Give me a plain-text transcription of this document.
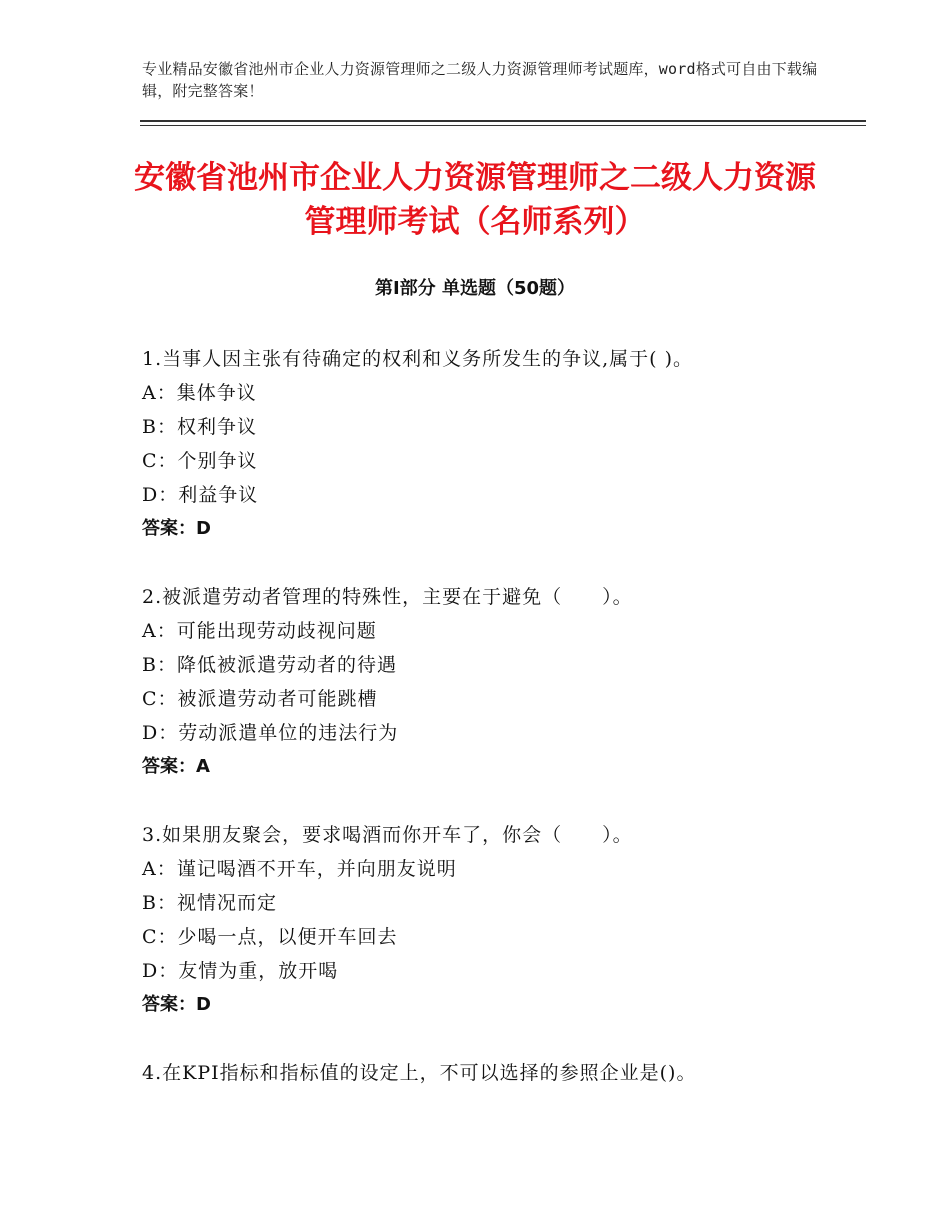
专业精品安徽省池州市企业人力资源管理师之二级人力资源管理师考试题库，word格式可自由下载编辑，附完整答案！
安徽省池州市企业人力资源管理师之二级人力资源管理师考试（名师系列）
第Ⅰ部分 单选题（50题）
1.当事人因主张有待确定的权利和义务所发生的争议,属于( )。
A：集体争议
B：权利争议
C：个别争议
D：利益争议
答案：D
2.被派遣劳动者管理的特殊性，主要在于避免（　　）。
A：可能出现劳动歧视问题
B：降低被派遣劳动者的待遇
C：被派遣劳动者可能跳槽
D：劳动派遣单位的违法行为
答案：A
3.如果朋友聚会，要求喝酒而你开车了，你会（　　）。
A：谨记喝酒不开车，并向朋友说明
B：视情况而定
C：少喝一点，以便开车回去
D：友情为重，放开喝
答案：D
4.在KPI指标和指标值的设定上，不可以选择的参照企业是()。
